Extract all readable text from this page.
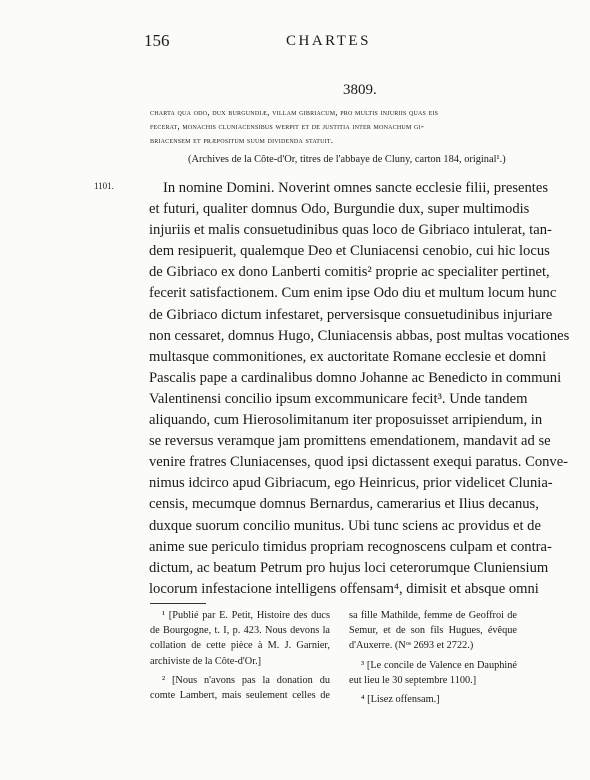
156	CHARTES
3809.
charta qua odo, dux burgundiæ, villam gibriacum, pro multis injuriis quas eis
fecerat, monachis cluniacensibus werpit et de justitia inter monachum gi-
briacensem et præpositum suum dividenda statuit.
(Archives de la Côte-d'Or, titres de l'abbaye de Cluny, carton 184, original¹.)
1101.	In nomine Domini. Noverint omnes sancte ecclesie filii, presentes
et futuri, qualiter domnus Odo, Burgundie dux, super multimodis
injuriis et malis consuetudinibus quas loco de Gibriaco intulerat, tan-
dem resipuerit, qualemque Deo et Cluniacensi cenobio, cui hic locus
de Gibriaco ex dono Lanberti comitis² proprie ac specialiter pertinet,
fecerit satisfactionem. Cum enim ipse Odo diu et multum locum hunc
de Gibriaco dictum infestaret, perversisque consuetudinibus injuriare
non cessaret, domnus Hugo, Cluniacensis abbas, post multas vocationes
multasque commonitiones, ex auctoritate Romane ecclesie et domni
Pascalis pape a cardinalibus domno Johanne ac Benedicto in communi
Valentinensi concilio ipsum excommunicare fecit³. Unde tandem
aliquando, cum Hierosolimitanum iter proposuisset arripiendum, in
se reversus veramque jam promittens emendationem, mandavit ad se
venire fratres Cluniacenses, quod ipsi dictassent exequi paratus. Conve-
nimus idcirco apud Gibriacum, ego Heinricus, prior videlicet Clunia-
censis, mecumque domnus Bernardus, camerarius et Ilius decanus,
duxque suorum concilio munitus. Ubi tunc sciens ac providus et de
anime sue periculo timidus propriam recognoscens culpam et contra-
dictum, ac beatum Petrum pro hujus loci ceterorumque Cluniensium
locorum infestacione intelligens offensam⁴, dimisit et absque omni
¹ [Publié par E. Petit, Histoire des ducs
de Bourgogne, t. I, p. 423. Nous devons la
collation de cette pièce à M. J. Garnier,
archiviste de la Côte-d'Or.]
² [Nous n'avons pas la donation du
comte Lambert, mais seulement celles de
sa fille Mathilde, femme de Geoffroi de
Semur, et de son fils Hugues, évêque
d'Auxerre. (Nᵒˢ 2693 et 2722.)
³ [Le concile de Valence en Dauphiné
eut lieu le 30 septembre 1100.]
⁴ [Lisez offensam.]
